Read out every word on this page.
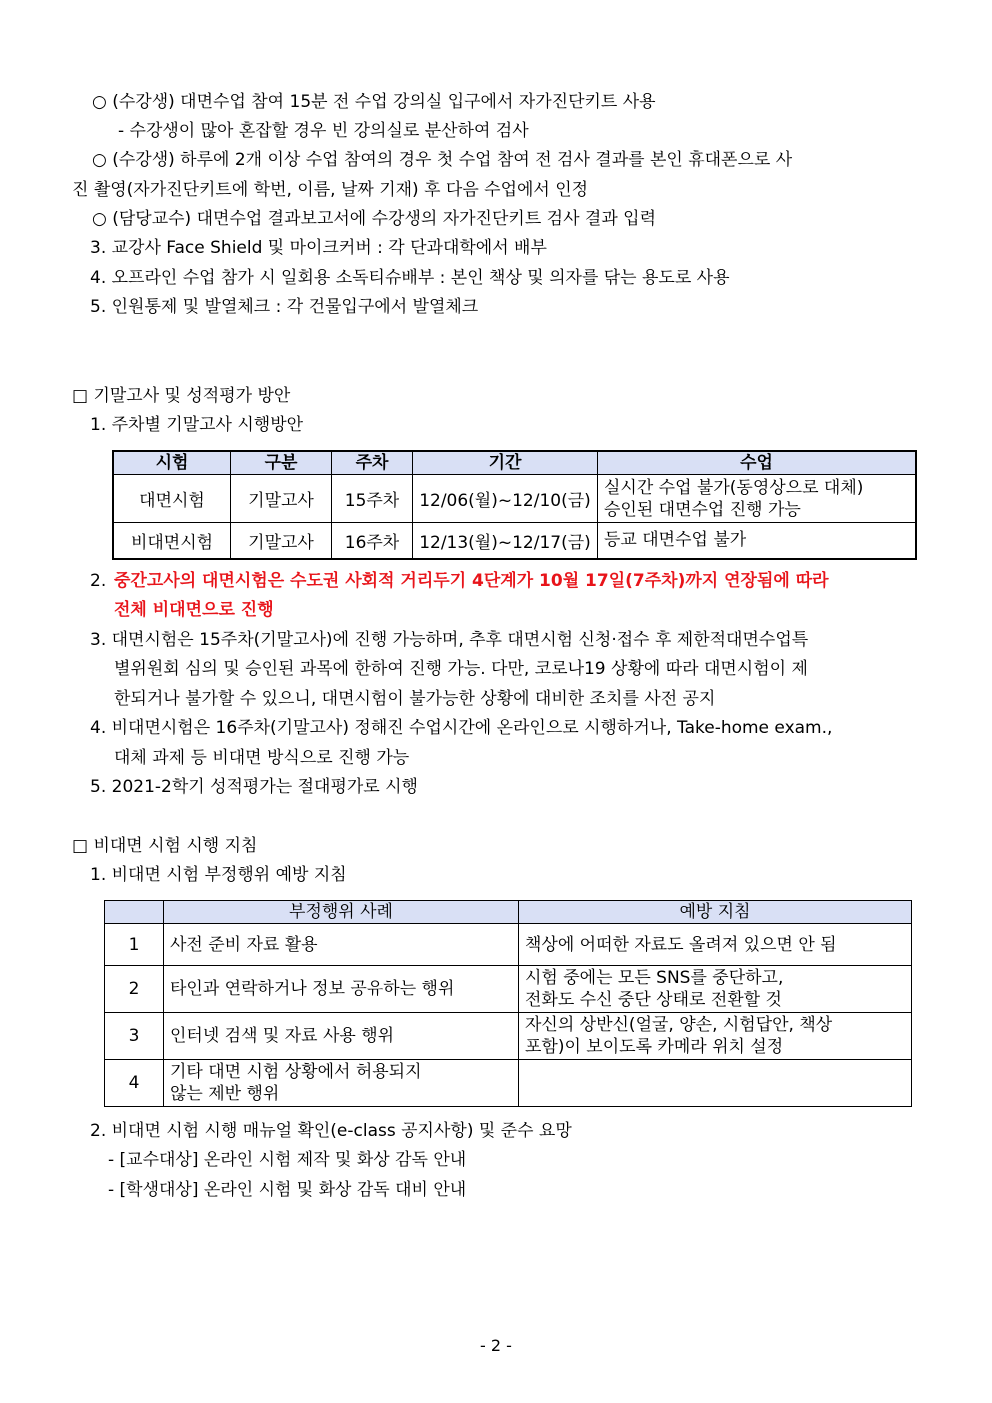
○ (수강생) 대면수업 참여 15분 전 수업 강의실 입구에서 자가진단키트 사용
- 수강생이 많아 혼잡할 경우 빈 강의실로 분산하여 검사
○ (수강생) 하루에 2개 이상 수업 참여의 경우 첫 수업 참여 전 검사 결과를 본인 휴대폰으로 사
진 촬영(자가진단키트에 학번, 이름, 날짜 기재) 후 다음 수업에서 인정
○ (담당교수) 대면수업 결과보고서에 수강생의 자가진단키트 검사 결과 입력
3. 교강사 Face Shield 및 마이크커버 : 각 단과대학에서 배부
4. 오프라인 수업 참가 시 일회용 소독티슈배부 : 본인 책상 및 의자를 닦는 용도로 사용
5. 인원통제 및 발열체크 : 각 건물입구에서 발열체크
□ 기말고사 및 성적평가 방안
1. 주차별 기말고사 시행방안
시험	구분	주차	기간	수업
대면시험	기말고사	15주차	12/06(월)~12/10(금)	실시간 수업 불가(동영상으로 대체)
승인된 대면수업 진행 가능

비대면시험	기말고사	16주차	12/13(월)~12/17(금)	등교 대면수업 불가
2. 중간고사의 대면시험은 수도권 사회적 거리두기 4단계가 10월 17일(7주차)까지 연장됨에 따라
전체 비대면으로 진행
3. 대면시험은 15주차(기말고사)에 진행 가능하며, 추후 대면시험 신청·접수 후 제한적대면수업특
별위원회 심의 및 승인된 과목에 한하여 진행 가능. 다만, 코로나19 상황에 따라 대면시험이 제
한되거나 불가할 수 있으니, 대면시험이 불가능한 상황에 대비한 조치를 사전 공지
4. 비대면시험은 16주차(기말고사) 정해진 수업시간에 온라인으로 시행하거나, Take-home exam.,
대체 과제 등 비대면 방식으로 진행 가능
5. 2021-2학기 성적평가는 절대평가로 시행
□ 비대면 시험 시행 지침
1. 비대면 시험 부정행위 예방 지침
	부정행위 사례	예방 지침
1	사전 준비 자료 활용	책상에 어떠한 자료도 올려져 있으면 안 됨

2	타인과 연락하거나 정보 공유하는 행위	시험 중에는 모든 SNS를 중단하고,
전화도 수신 중단 상태로 전환할 것

3	인터넷 검색 및 자료 사용 행위	자신의 상반신(얼굴, 양손, 시험답안, 책상
포함)이 보이도록 카메라 위치 설정

4	기타 대면 시험 상황에서 허용되지
않는 제반 행위	

2. 비대면 시험 시행 매뉴얼 확인(e-class 공지사항) 및 준수 요망
- [교수대상] 온라인 시험 제작 및 화상 감독 안내
- [학생대상] 온라인 시험 및 화상 감독 대비 안내
- 2 -
